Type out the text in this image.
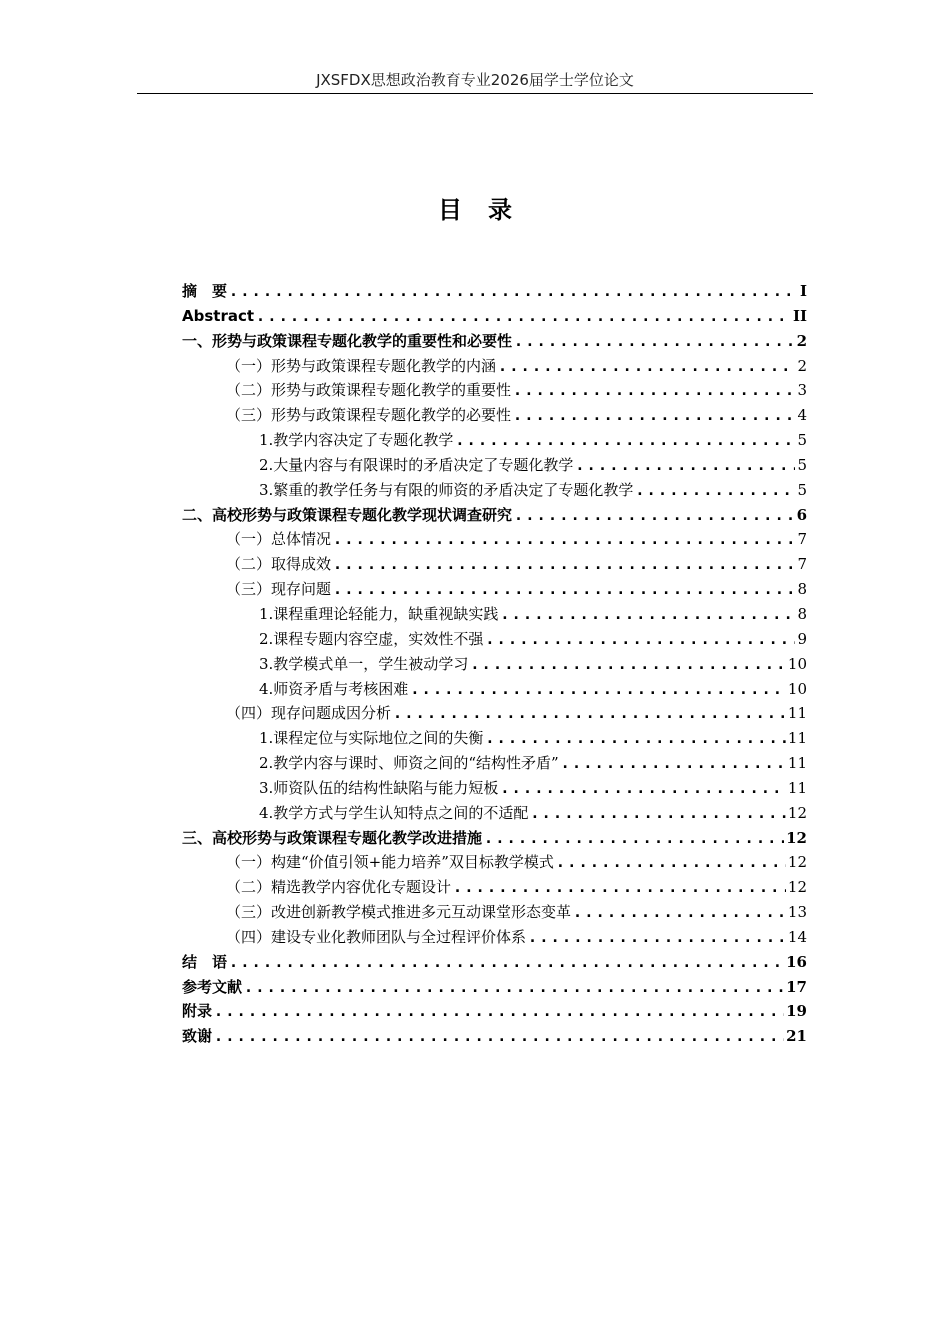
JXSFDX思想政治教育专业2026届学士学位论文
目录
摘　要 .....	I
Abstract .....	II
一、形势与政策课程专题化教学的重要性和必要性 .....	2
（一）形势与政策课程专题化教学的内涵 .....	2
（二）形势与政策课程专题化教学的重要性 .....	3
（三）形势与政策课程专题化教学的必要性 .....	4
1.教学内容决定了专题化教学 .....	5
2.大量内容与有限课时的矛盾决定了专题化教学 .....	5
3.繁重的教学任务与有限的师资的矛盾决定了专题化教学 .....	5
二、高校形势与政策课程专题化教学现状调查研究 .....	6
（一）总体情况 .....	7
（二）取得成效 .....	7
（三）现存问题 .....	8
1.课程重理论轻能力，缺重视缺实践 .....	8
2.课程专题内容空虚，实效性不强 .....	9
3.教学模式单一，学生被动学习 .....	10
4.师资矛盾与考核困难 .....	10
（四）现存问题成因分析 .....	11
1.课程定位与实际地位之间的失衡 .....	11
2.教学内容与课时、师资之间的“结构性矛盾” .....	11
3.师资队伍的结构性缺陷与能力短板 .....	11
4.教学方式与学生认知特点之间的不适配 .....	12
三、高校形势与政策课程专题化教学改进措施 .....	12
（一）构建“价值引领+能力培养”双目标教学模式 .....	12
（二）精选教学内容优化专题设计 .....	12
（三）改进创新教学模式推进多元互动课堂形态变革 .....	13
（四）建设专业化教师团队与全过程评价体系 .....	14
结　语 .....	16
参考文献 .....	17
附录 .....	19
致谢 .....	21
